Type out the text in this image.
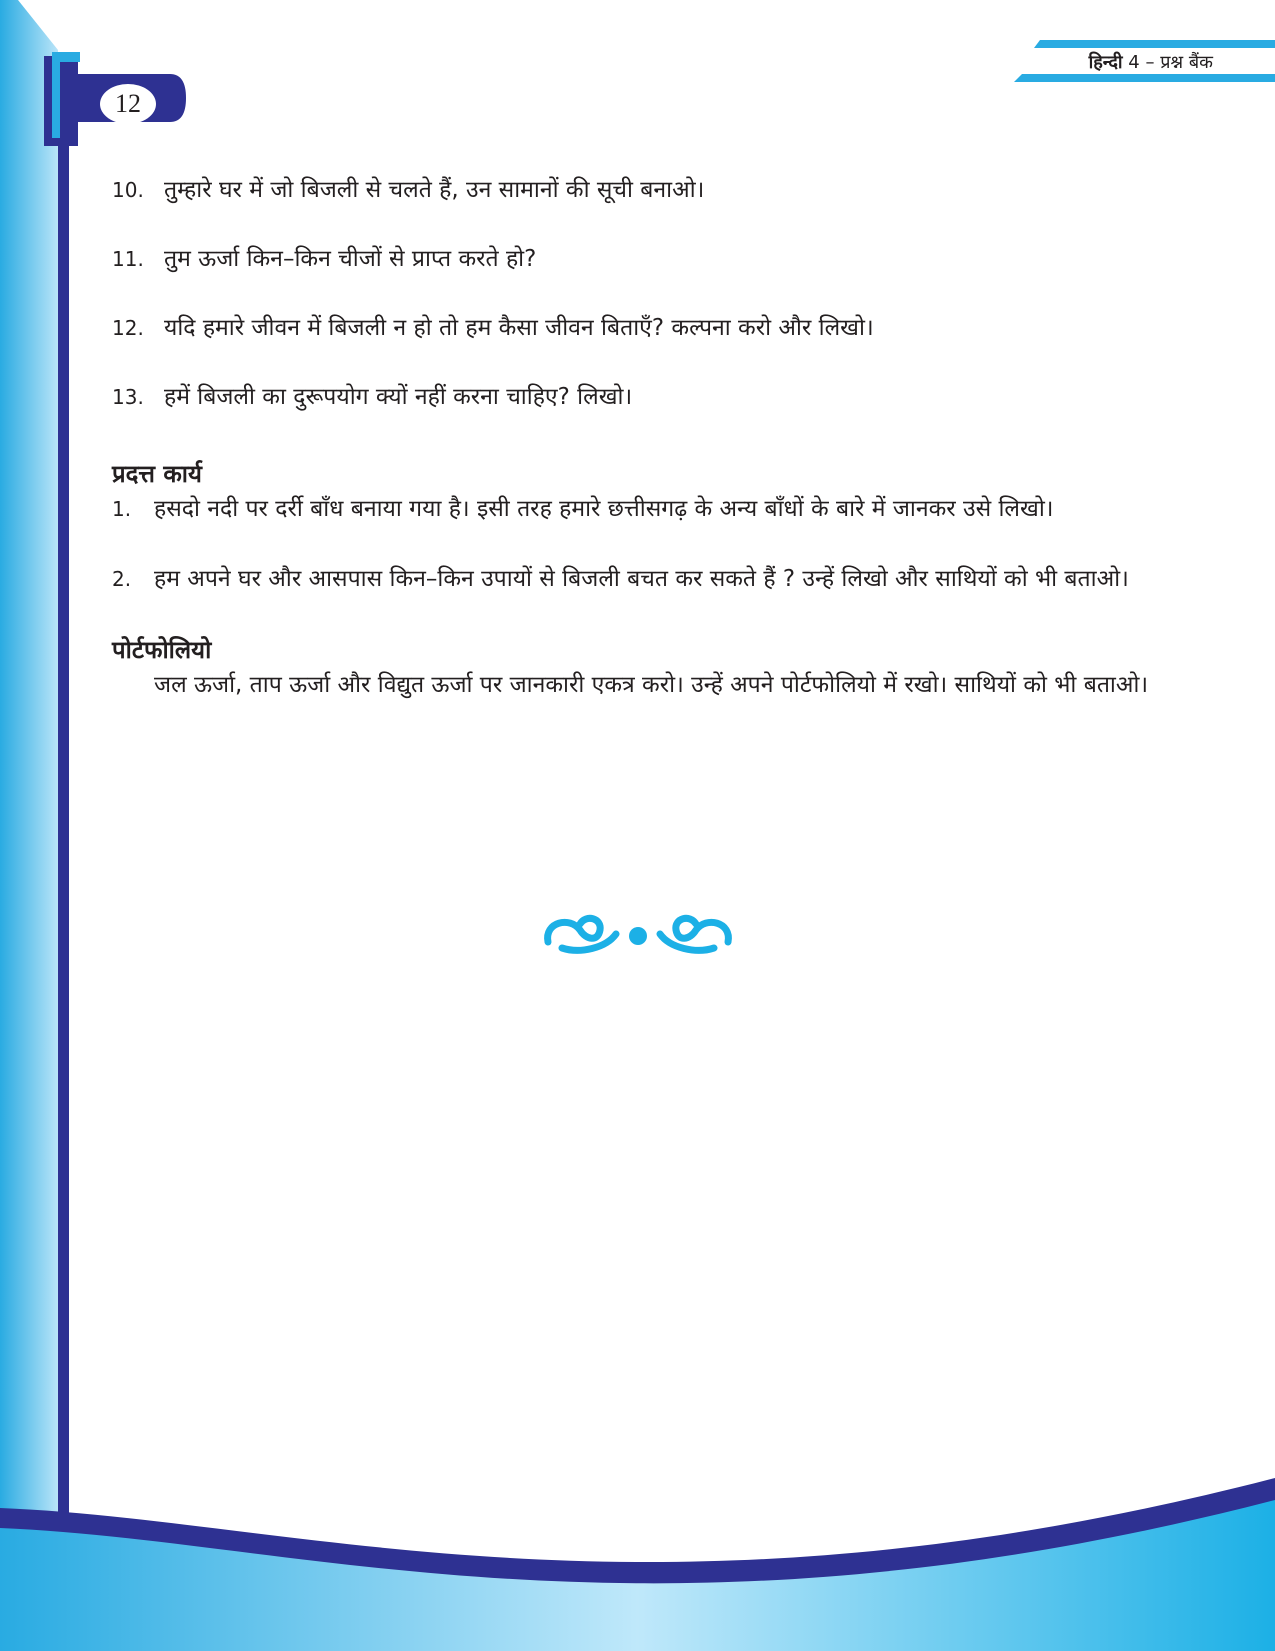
हिन्दी 4 – प्रश्न बैंक
12
10. तुम्हारे घर में जो बिजली से चलते हैं, उन सामानों की सूची बनाओ।
11. तुम ऊर्जा किन–किन चीजों से प्राप्त करते हो?
12. यदि हमारे जीवन में बिजली न हो तो हम कैसा जीवन बिताएँ? कल्पना करो और लिखो।
13. हमें बिजली का दुरूपयोग क्यों नहीं करना चाहिए? लिखो।
प्रदत्त कार्य
1. हसदो नदी पर दर्री बाँध बनाया गया है। इसी तरह हमारे छत्तीसगढ़ के अन्य बाँधों के बारे में जानकर उसे लिखो।
2. हम अपने घर और आसपास किन–किन उपायों से बिजली बचत कर सकते हैं ? उन्हें लिखो और साथियों को भी बताओ।
पोर्टफोलियो

जल ऊर्जा, ताप ऊर्जा और विद्युत ऊर्जा पर जानकारी एकत्र करो। उन्हें अपने पोर्टफोलियो में रखो। साथियों को भी बताओ।
